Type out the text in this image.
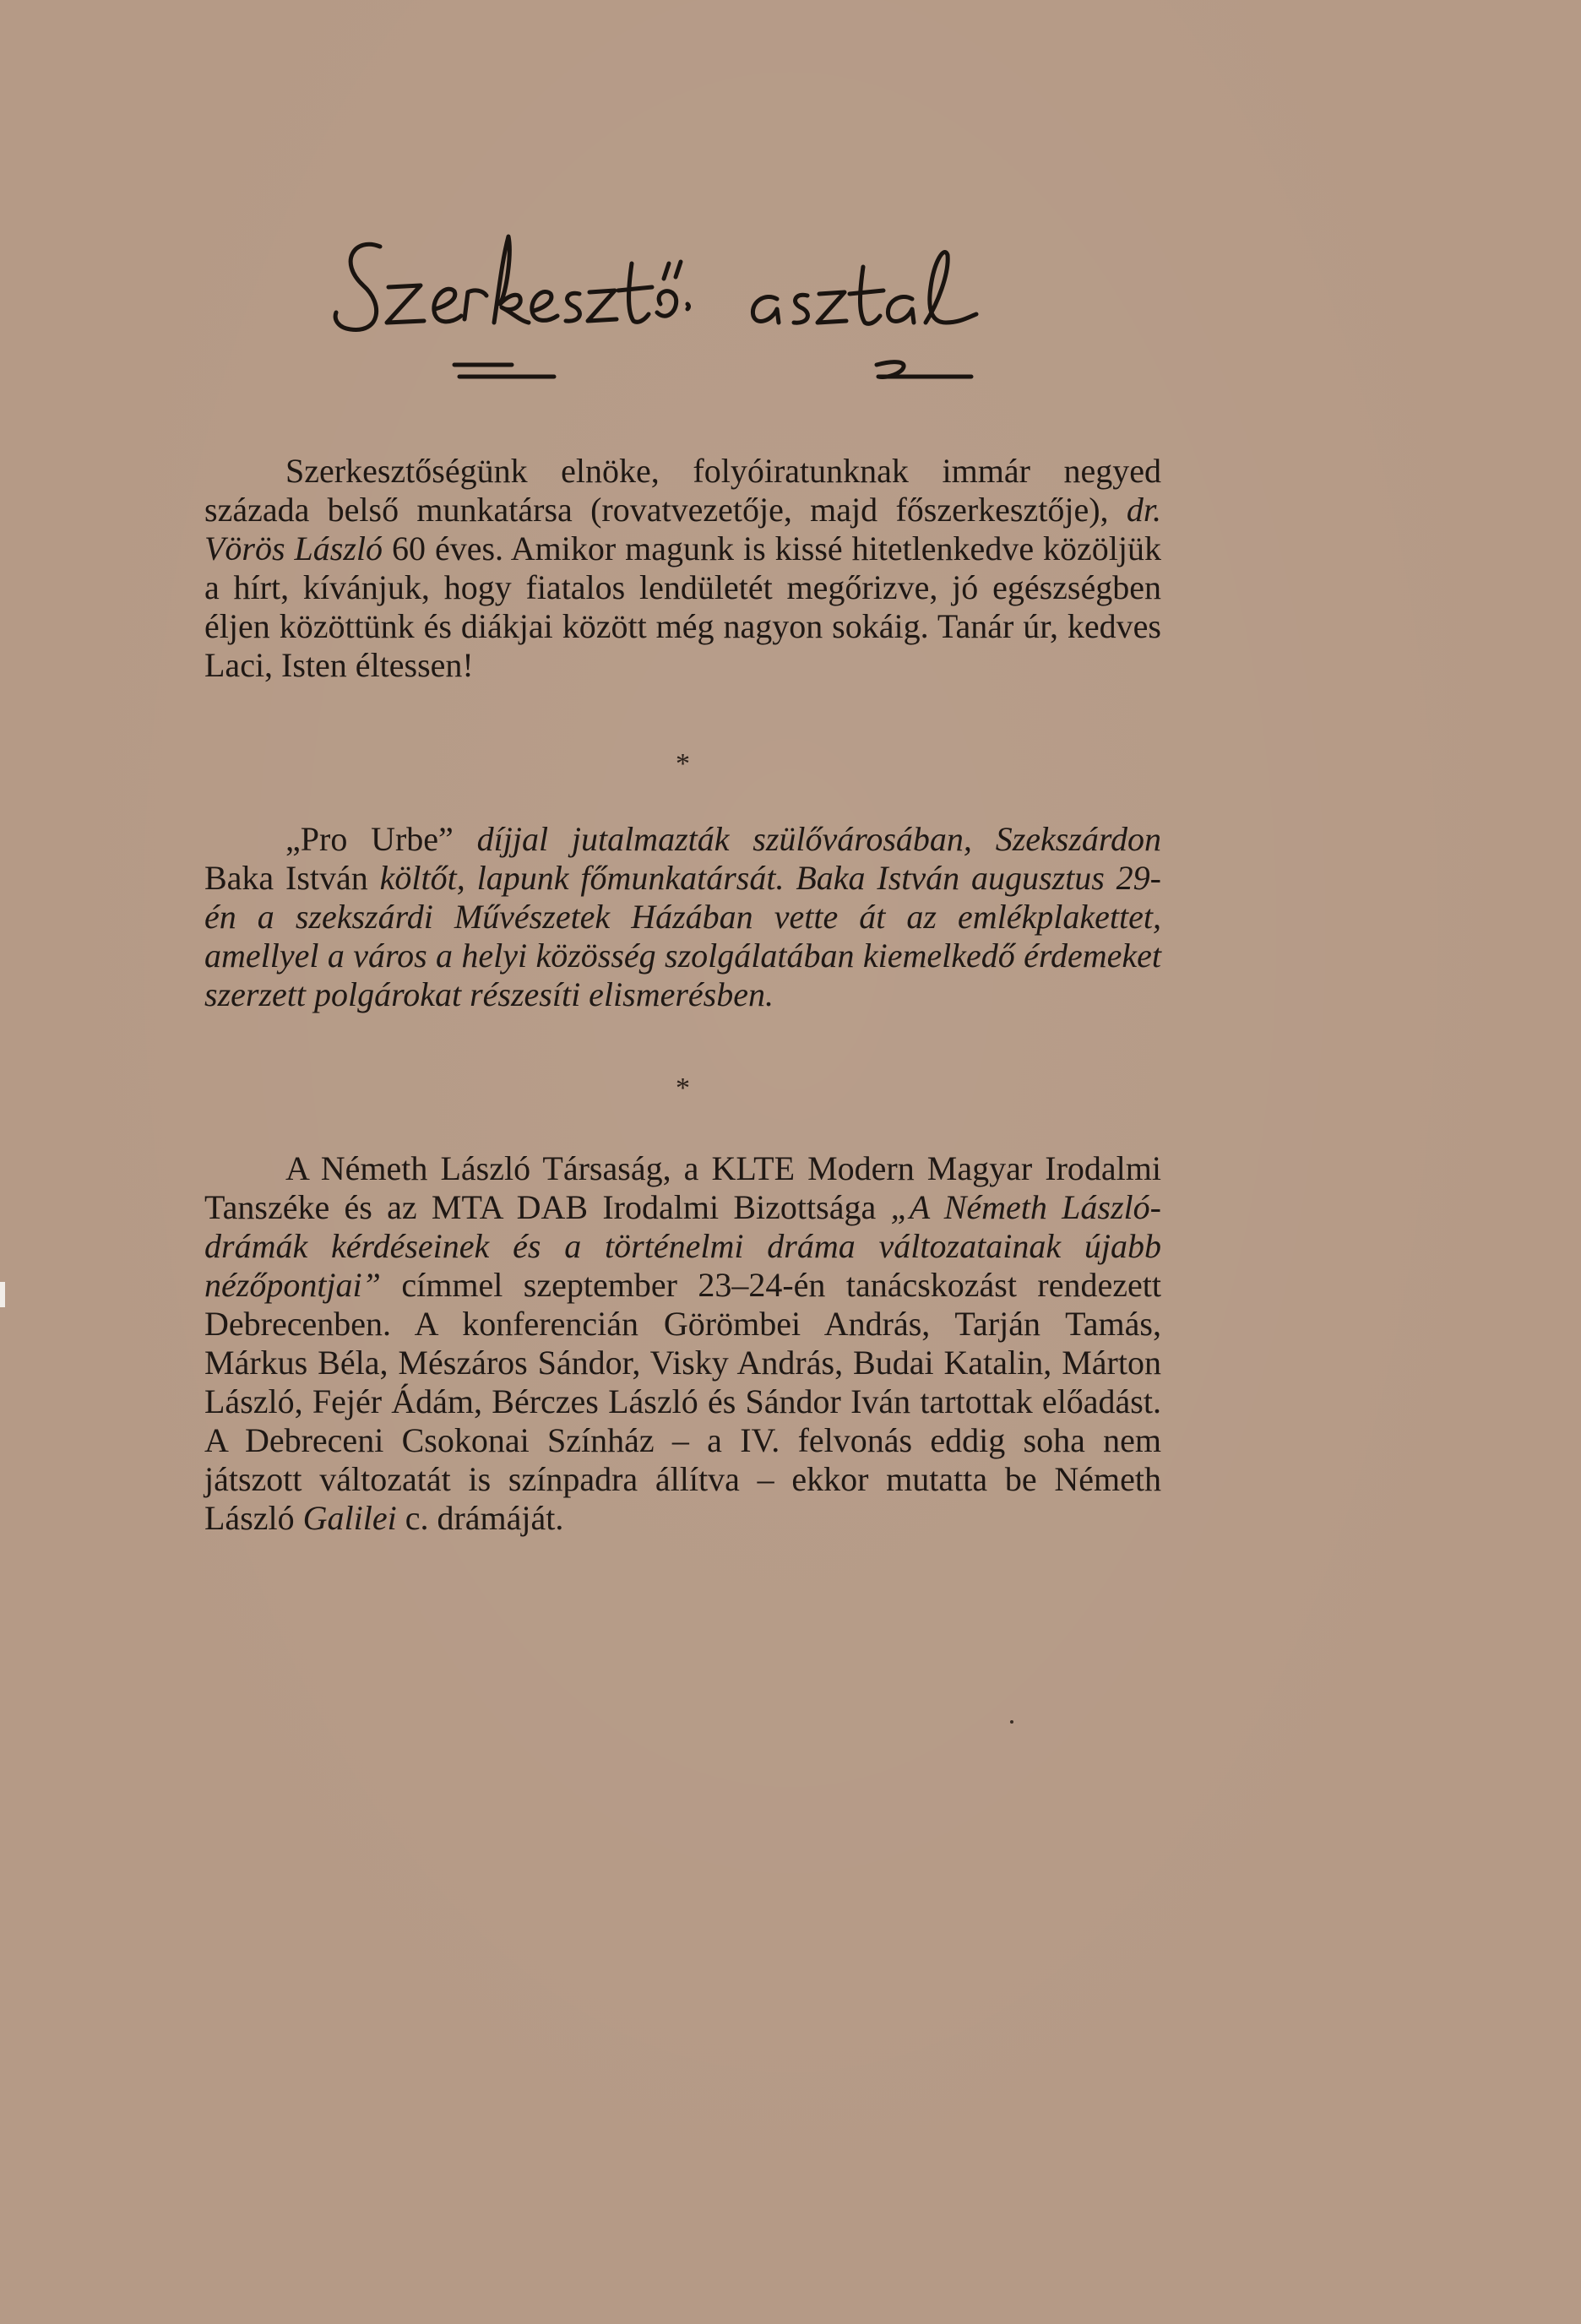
Szerkesztőségünk elnöke, folyóiratunknak immár negyed százada belső munkatársa (rovatvezetője, majd főszerkesztője), dr. Vörös László 60 éves. Amikor magunk is kissé hitetlenkedve közöljük a hírt, kívánjuk, hogy fiatalos lendületét megőrizve, jó egészségben éljen közöttünk és diákjai között még nagyon sokáig. Tanár úr, kedves Laci, Isten éltessen!

*

„Pro Urbe” díjjal jutalmazták szülővárosában, Szekszárdon Baka István költőt, lapunk főmunkatársát. Baka István augusztus 29-én a szekszárdi Művészetek Házában vette át az emlékplakettet, amellyel a város a helyi közösség szolgálatában kiemelkedő érdemeket szerzett polgárokat részesíti elismerésben.

*

A Németh László Társaság, a KLTE Modern Magyar Irodalmi Tanszéke és az MTA DAB Irodalmi Bizottsága „A Németh László-drámák kérdéseinek és a történelmi dráma változatainak újabb nézőpontjai” címmel szeptember 23–24-én tanácskozást rendezett Debrecenben. A konferencián Görömbei András, Tarján Tamás, Márkus Béla, Mészáros Sándor, Visky András, Budai Katalin, Márton László, Fejér Ádám, Bérczes László és Sándor Iván tartottak előadást. A Debreceni Csokonai Színház – a IV. felvonás eddig soha nem játszott változatát is színpadra állítva – ekkor mutatta be Németh László Galilei c. drámáját.
